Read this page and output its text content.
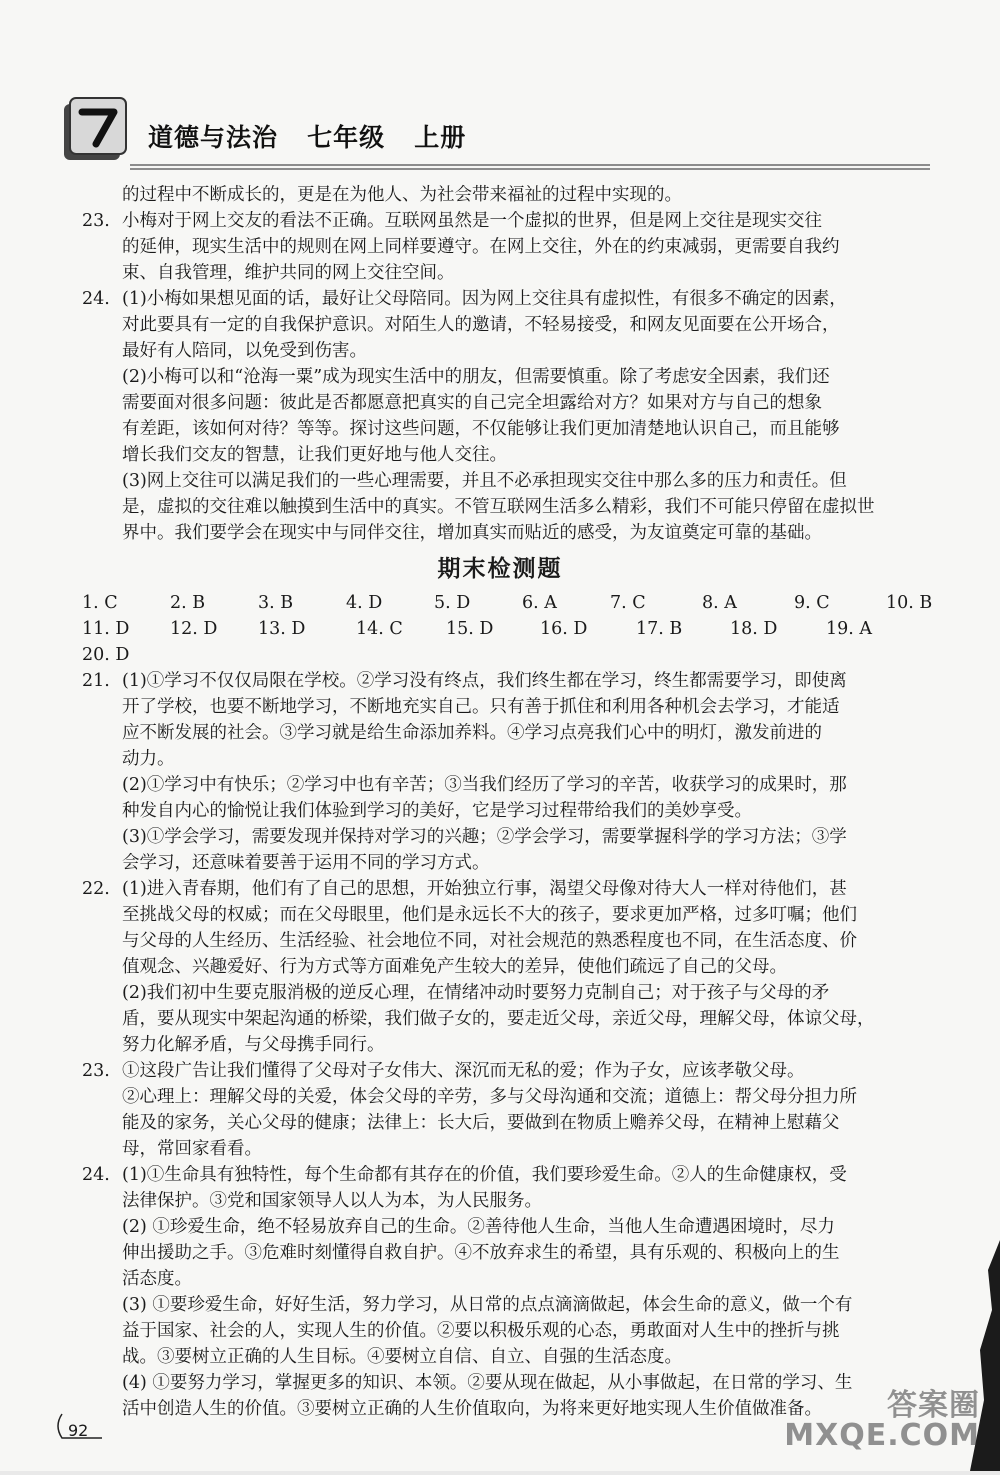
道德与法治   七年级   上册
的过程中不断成长的，更是在为他人、为社会带来福祉的过程中实现的。
23. 小梅对于网上交友的看法不正确。互联网虽然是一个虚拟的世界，但是网上交往是现实交往
的延伸，现实生活中的规则在网上同样要遵守。在网上交往，外在的约束减弱，更需要自我约
束、自我管理，维护共同的网上交往空间。
24. (1)小梅如果想见面的话，最好让父母陪同。因为网上交往具有虚拟性，有很多不确定的因素，
对此要具有一定的自我保护意识。对陌生人的邀请，不轻易接受，和网友见面要在公开场合，
最好有人陪同，以免受到伤害。
(2)小梅可以和“沧海一粟”成为现实生活中的朋友，但需要慎重。除了考虑安全因素，我们还
需要面对很多问题：彼此是否都愿意把真实的自己完全坦露给对方？如果对方与自己的想象
有差距，该如何对待？等等。探讨这些问题，不仅能够让我们更加清楚地认识自己，而且能够
增长我们交友的智慧，让我们更好地与他人交往。
(3)网上交往可以满足我们的一些心理需要，并且不必承担现实交往中那么多的压力和责任。但
是，虚拟的交往难以触摸到生活中的真实。不管互联网生活多么精彩，我们不可能只停留在虚拟世
界中。我们要学会在现实中与同伴交往，增加真实而贴近的感受，为友谊奠定可靠的基础。
期末检测题
1. C	2. B	3. B	4. D	5. D	6. A	7. C	8. A	9. C	10. B
11. D 12. D 13. D	14. C 15. D	16. D	17. B	18. D	19. A
20. D
21. (1)①学习不仅仅局限在学校。②学习没有终点，我们终生都在学习，终生都需要学习，即使离
开了学校，也要不断地学习，不断地充实自己。只有善于抓住和利用各种机会去学习，才能适
应不断发展的社会。③学习就是给生命添加养料。④学习点亮我们心中的明灯，激发前进的
动力。
(2)①学习中有快乐；②学习中也有辛苦；③当我们经历了学习的辛苦，收获学习的成果时，那
种发自内心的愉悦让我们体验到学习的美好，它是学习过程带给我们的美妙享受。
(3)①学会学习，需要发现并保持对学习的兴趣；②学会学习，需要掌握科学的学习方法；③学
会学习，还意味着要善于运用不同的学习方式。
22. (1)进入青春期，他们有了自己的思想，开始独立行事，渴望父母像对待大人一样对待他们，甚
至挑战父母的权威；而在父母眼里，他们是永远长不大的孩子，要求更加严格，过多叮嘱；他们
与父母的人生经历、生活经验、社会地位不同，对社会规范的熟悉程度也不同，在生活态度、价
值观念、兴趣爱好、行为方式等方面难免产生较大的差异，使他们疏远了自己的父母。
(2)我们初中生要克服消极的逆反心理，在情绪冲动时要努力克制自己；对于孩子与父母的矛
盾，要从现实中架起沟通的桥梁，我们做子女的，要走近父母，亲近父母，理解父母，体谅父母，
努力化解矛盾，与父母携手同行。
23. ①这段广告让我们懂得了父母对子女伟大、深沉而无私的爱；作为子女，应该孝敬父母。
②心理上：理解父母的关爱，体会父母的辛劳，多与父母沟通和交流；道德上：帮父母分担力所
能及的家务，关心父母的健康；法律上：长大后，要做到在物质上赡养父母，在精神上慰藉父
母，常回家看看。
24. (1)①生命具有独特性，每个生命都有其存在的价值，我们要珍爱生命。②人的生命健康权，受
法律保护。③党和国家领导人以人为本，为人民服务。
(2) ①珍爱生命，绝不轻易放弃自己的生命。②善待他人生命，当他人生命遭遇困境时，尽力
伸出援助之手。③危难时刻懂得自救自护。④不放弃求生的希望，具有乐观的、积极向上的生
活态度。
(3) ①要珍爱生命，好好生活，努力学习，从日常的点点滴滴做起，体会生命的意义，做一个有
益于国家、社会的人，实现人生的价值。②要以积极乐观的心态，勇敢面对人生中的挫折与挑
战。③要树立正确的人生目标。④要树立自信、自立、自强的生活态度。
(4) ①要努力学习，掌握更多的知识、本领。②要从现在做起，从小事做起，在日常的学习、生
活中创造人生的价值。③要树立正确的人生价值取向，为将来更好地实现人生价值做准备。
92
答案圈
MXQE.COM
